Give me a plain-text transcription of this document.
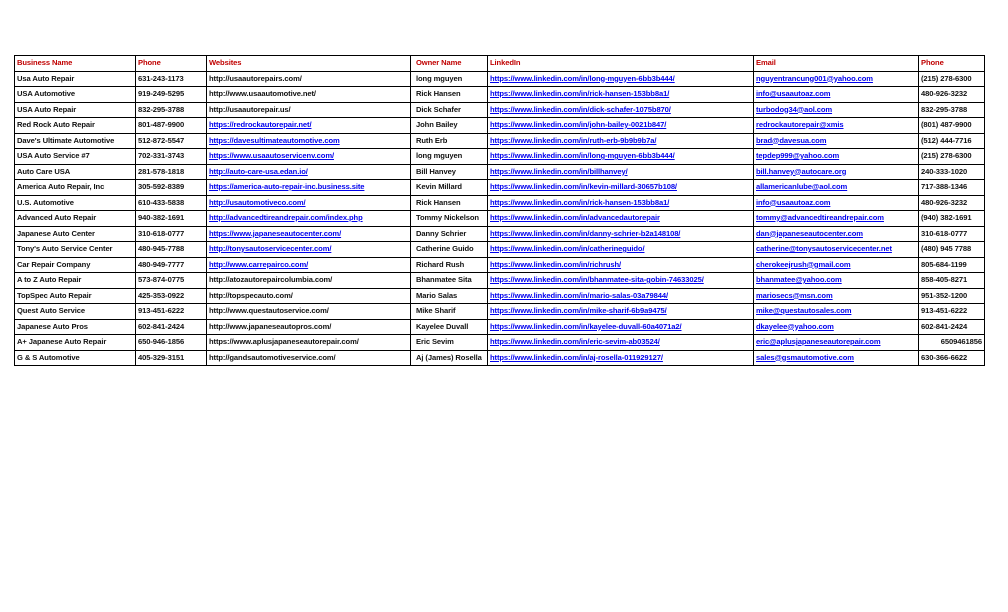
Business Name	Phone	Websites	Owner Name	LinkedIn	Email	Phone
Usa Auto Repair	631-243-1173	http://usaautorepairs.com/	long mguyen	https://www.linkedin.com/in/long-mguyen-6bb3b444/	nguyentrancung001@yahoo.com	(215) 278-6300
USA Automotive	919-249-5295	http://www.usaautomotive.net/	Rick Hansen	https://www.linkedin.com/in/rick-hansen-153bb8a1/	info@usaautoaz.com	480-926-3232
USA Auto Repair	832-295-3788	http://usaautorepair.us/	Dick Schafer	https://www.linkedin.com/in/dick-schafer-1075b870/	turbodog34@aol.com	832-295-3788
Red Rock Auto Repair	801-487-9900	https://redrockautorepair.net/	John Bailey	https://www.linkedin.com/in/john-bailey-0021b847/	redrockautorepair@xmis	(801) 487-9900
Dave's Ultimate Automotive	512-872-5547	https://davesultimateautomotive.com	Ruth Erb	https://www.linkedin.com/in/ruth-erb-9b9b9b7a/	brad@davesua.com	(512) 444-7716
USA Auto Service #7	702-331-3743	https://www.usaautoservicenv.com/	long mguyen	https://www.linkedin.com/in/long-mguyen-6bb3b444/	tepdep999@yahoo.com	(215) 278-6300
Auto Care USA	281-578-1818	http://auto-care-usa.edan.io/	Bill Hanvey	https://www.linkedin.com/in/billhanvey/	bill.hanvey@autocare.org	240-333-1020
America Auto Repair, Inc	305-592-8389	https://america-auto-repair-inc.business.site	Kevin Millard	https://www.linkedin.com/in/kevin-millard-30657b108/	allamericanlube@aol.com	717-388-1346
U.S. Automotive	610-433-5838	http://usautomotiveco.com/	Rick Hansen	https://www.linkedin.com/in/rick-hansen-153bb8a1/	info@usaautoaz.com	480-926-3232
Advanced Auto Repair	940-382-1691	http://advancedtireandrepair.com/index.php	Tommy Nickelson	https://www.linkedin.com/in/advancedautorepair	tommy@advancedtireandrepair.com	(940) 382-1691
Japanese Auto Center	310-618-0777	https://www.japaneseautocenter.com/	Danny Schrier	https://www.linkedin.com/in/danny-schrier-b2a148108/	dan@japaneseautocenter.com	310-618-0777
Tony's Auto Service Center	480-945-7788	http://tonysautoservicecenter.com/	Catherine Guido	https://www.linkedin.com/in/catherineguido/	catherine@tonysautoservicecenter.net	(480) 945 7788
Car Repair Company	480-949-7777	http://www.carrepairco.com/	Richard Rush	https://www.linkedin.com/in/richrush/	cherokeejrush@gmail.com	805-684-1199
A to Z Auto Repair	573-874-0775	http://atozautorepaircolumbia.com/	Bhanmatee Sita	https://www.linkedin.com/in/bhanmatee-sita-gobin-74633025/	bhanmatee@yahoo.com	858-405-8271
TopSpec Auto Repair	425-353-0922	http://topspecauto.com/	Mario Salas	https://www.linkedin.com/in/mario-salas-03a79844/	mariosecs@msn.com	951-352-1200
Quest Auto Service	913-451-6222	http://www.questautoservice.com/	Mike Sharif	https://www.linkedin.com/in/mike-sharif-6b9a9475/	mike@questautosales.com	913-451-6222
Japanese Auto Pros	602-841-2424	http://www.japaneseautopros.com/	Kayelee Duvall	https://www.linkedin.com/in/kayelee-duvall-60a4071a2/	dkayelee@yahoo.com	602-841-2424
A+ Japanese Auto Repair	650-946-1856	https://www.aplusjapaneseautorepair.com/	Eric Sevim	https://www.linkedin.com/in/eric-sevim-ab03524/	eric@aplusjapaneseautorepair.com	6509461856
G & S Automotive	405-329-3151	http://gandsautomotiveservice.com/	Aj (James) Rosella	https://www.linkedin.com/in/aj-rosella-011929127/	sales@gsmautomotive.com	630-366-6622
